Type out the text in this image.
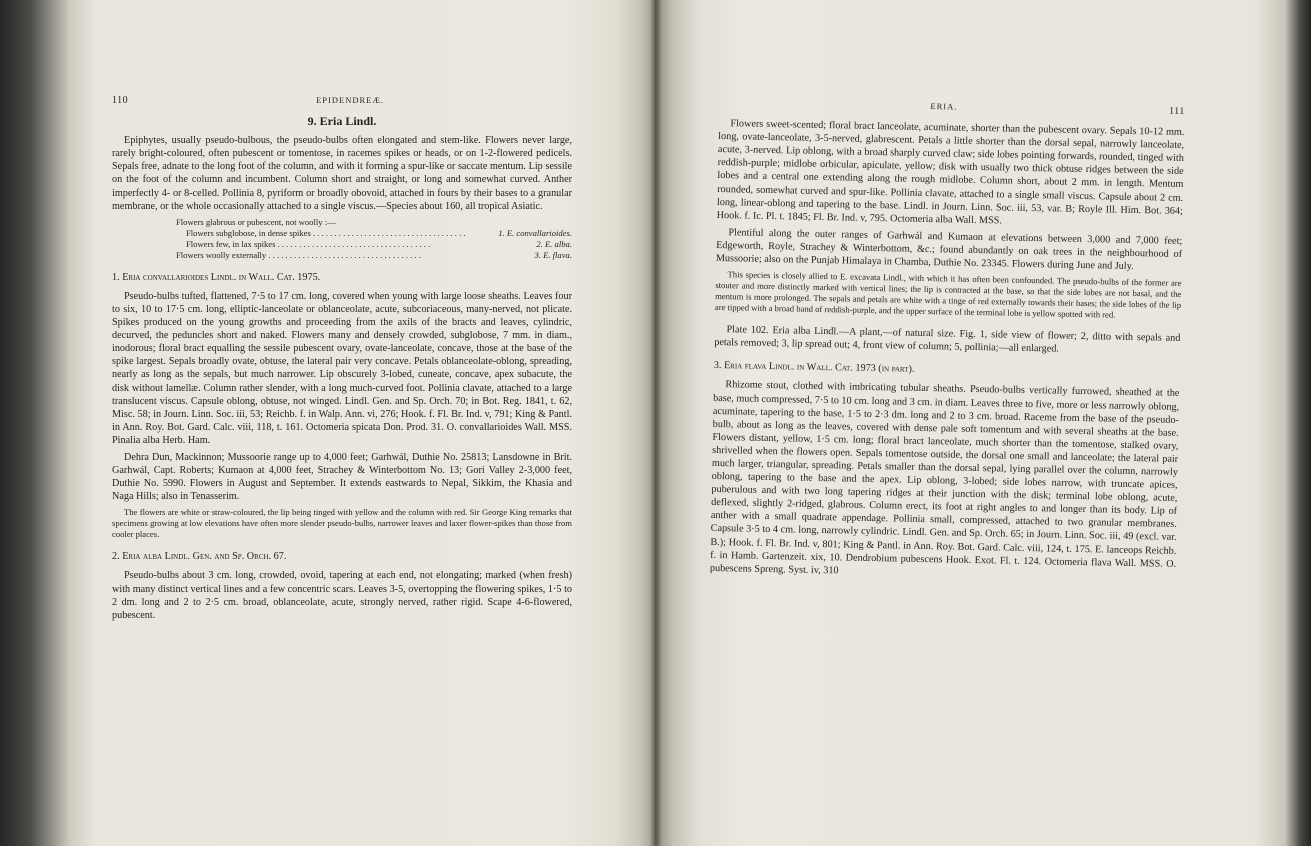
110	EPIDENDREÆ.
9. Eria Lindl.

Epiphytes, usually pseudo-bulbous, the pseudo-bulbs often elongated and stem-like. Flowers never large, rarely bright-coloured, often pubescent or tomentose, in racemes spikes or heads, or on 1-2-flowered pedicels. Sepals free, adnate to the long foot of the column, and with it forming a spur-like or saccate mentum. Lip sessile on the foot of the column and incumbent. Column short and straight, or long and somewhat curved. Anther imperfectly 4- or 8-celled. Pollinia 8, pyriform or broadly obovoid, attached in fours by their bases to a granular membrane, or the whole occasionally attached to a single viscus.—Species about 160, all tropical Asiatic.

Flowers glabrous or pubescent, not woolly :—
Flowers subglobose, in dense spikes . . .	1. E. convallarioides.
Flowers few, in lax spikes . . .	2. E. alba.
Flowers woolly externally . . .	3. E. flava.

1. Eria convallarioides Lindl. in Wall. Cat. 1975.

Pseudo-bulbs tufted, flattened, 7·5 to 17 cm. long, covered when young with large loose sheaths. Leaves four to six, 10 to 17·5 cm. long, elliptic-lanceolate or oblanceolate, acute, subcoriaceous, many-nerved, not plicate. Spikes produced on the young growths and proceeding from the axils of the bracts and leaves, cylindric, decurved, the peduncles short and naked. Flowers many and densely crowded, subglobose, 7 mm. in diam., inodorous; floral bract equalling the sessile pubescent ovary, ovate-lanceolate, concave, those at the base of the spike largest. Sepals broadly ovate, obtuse, the lateral pair very concave. Petals oblanceolate-oblong, spreading, nearly as long as the sepals, but much narrower. Lip obscurely 3-lobed, cuneate, concave, apex subacute, the disk without lamellæ. Column rather slender, with a long much-curved foot. Pollinia clavate, attached to a large translucent viscus. Capsule oblong, obtuse, not winged. Lindl. Gen. and Sp. Orch. 70; in Bot. Reg. 1841, t. 62, Misc. 58; in Journ. Linn. Soc. iii, 53; Reichb. f. in Walp. Ann. vi, 276; Hook. f. Fl. Br. Ind. v, 791; King & Pantl. in Ann. Roy. Bot. Gard. Calc. viii, 118, t. 161. Octomeria spicata Don. Prod. 31. O. convallarioides Wall. MSS. Pinalia alba Herb. Ham.

Dehra Dun, Mackinnon; Mussoorie range up to 4,000 feet; Garhwál, Duthie No. 25813; Lansdowne in Brit. Garhwál, Capt. Roberts; Kumaon at 4,000 feet, Strachey & Winterbottom No. 13; Gori Valley 2-3,000 feet, Duthie No. 5990. Flowers in August and September. It extends eastwards to Nepal, Sikkim, the Khasia and Naga Hills; also in Tenasserim.

The flowers are white or straw-coloured, the lip being tinged with yellow and the column with red. Sir George King remarks that specimens growing at low elevations have often more slender pseudo-bulbs, narrower leaves and laxer flower-spikes than those from cooler places.

2. Eria alba Lindl. Gen. and Sp. Orch. 67.

Pseudo-bulbs about 3 cm. long, crowded, ovoid, tapering at each end, not elongating; marked (when fresh) with many distinct vertical lines and a few concentric scars. Leaves 3-5, overtopping the flowering spikes, 1·5 to 2 dm. long and 2 to 2·5 cm. broad, oblanceolate, acute, strongly nerved, rather rigid. Scape 4-6-flowered, pubescent.

ERIA.	111

Flowers sweet-scented; floral bract lanceolate, acuminate, shorter than the pubescent ovary. Sepals 10-12 mm. long, ovate-lanceolate, 3-5-nerved, glabrescent. Petals a little shorter than the dorsal sepal, narrowly lanceolate, acute, 3-nerved. Lip oblong, with a broad sharply curved claw; side lobes pointing forwards, rounded, tinged with reddish-purple; midlobe orbicular, apiculate, yellow; disk with usually two thick obtuse ridges between the side lobes and a central one extending along the rough midlobe. Column short, about 2 mm. in length. Mentum rounded, somewhat curved and spur-like. Pollinia clavate, attached to a single small viscus. Capsule about 2 cm. long, linear-oblong and tapering to the base. Lindl. in Journ. Linn. Soc. iii, 53, var. B; Royle Ill. Him. Bot. 364; Hook. f. Ic. Pl. t. 1845; Fl. Br. Ind. v, 795. Octomeria alba Wall. MSS.

Plentiful along the outer ranges of Garhwál and Kumaon at elevations between 3,000 and 7,000 feet; Edgeworth, Royle, Strachey & Winterbottom, &c.; found abundantly on oak trees in the neighbourhood of Mussoorie; also on the Punjab Himalaya in Chamba, Duthie No. 23345. Flowers during June and July.

This species is closely allied to E. excavata Lindl., with which it has often been confounded. The pseudo-bulbs of the former are stouter and more distinctly marked with vertical lines; the lip is contracted at the base, so that the side lobes are not basal, and the mentum is more prolonged. The sepals and petals are white with a tinge of red externally towards their bases; the side lobes of the lip are tipped with a broad band of reddish-purple, and the upper surface of the terminal lobe is yellow spotted with red.

Plate 102. Eria alba Lindl.—A plant,—of natural size. Fig. 1, side view of flower; 2, ditto with sepals and petals removed; 3, lip spread out; 4, front view of column; 5, pollinia;—all enlarged.

3. Eria flava Lindl. in Wall. Cat. 1973 (in part).

Rhizome stout, clothed with imbricating tubular sheaths. Pseudo-bulbs vertically furrowed, sheathed at the base, much compressed, 7·5 to 10 cm. long and 3 cm. in diam. Leaves three to five, more or less narrowly oblong, acuminate, tapering to the base, 1·5 to 2·3 dm. long and 2 to 3 cm. broad. Raceme from the base of the pseudo-bulb, about as long as the leaves, covered with dense pale soft tomentum and with several sheaths at the base. Flowers distant, yellow, 1·5 cm. long; floral bract lanceolate, much shorter than the tomentose, stalked ovary, shrivelled when the flowers open. Sepals tomentose outside, the dorsal one small and lanceolate; the lateral pair much larger, triangular, spreading. Petals smaller than the dorsal sepal, lying parallel over the column, narrowly oblong, tapering to the base and the apex. Lip oblong, 3-lobed; side lobes narrow, with truncate apices, puberulous and with two long tapering ridges at their junction with the disk; terminal lobe oblong, acute, deflexed, slightly 2-ridged, glabrous. Column erect, its foot at right angles to and longer than its body. Lip of anther with a small quadrate appendage. Pollinia small, compressed, attached to two granular membranes. Capsule 3·5 to 4 cm. long, narrowly cylindric. Lindl. Gen. and Sp. Orch. 65; in Journ. Linn. Soc. iii, 49 (excl. var. B.); Hook. f. Fl. Br. Ind. v, 801; King & Pantl. in Ann. Roy. Bot. Gard. Calc. viii, 124, t. 175. E. lanceops Reichb. f. in Hamb. Gartenzeit. xix, 10. Dendrobium pubescens Hook. Exot. Fl. t. 124. Octomeria flava Wall. MSS. O. pubescens Spreng. Syst. iv, 310
